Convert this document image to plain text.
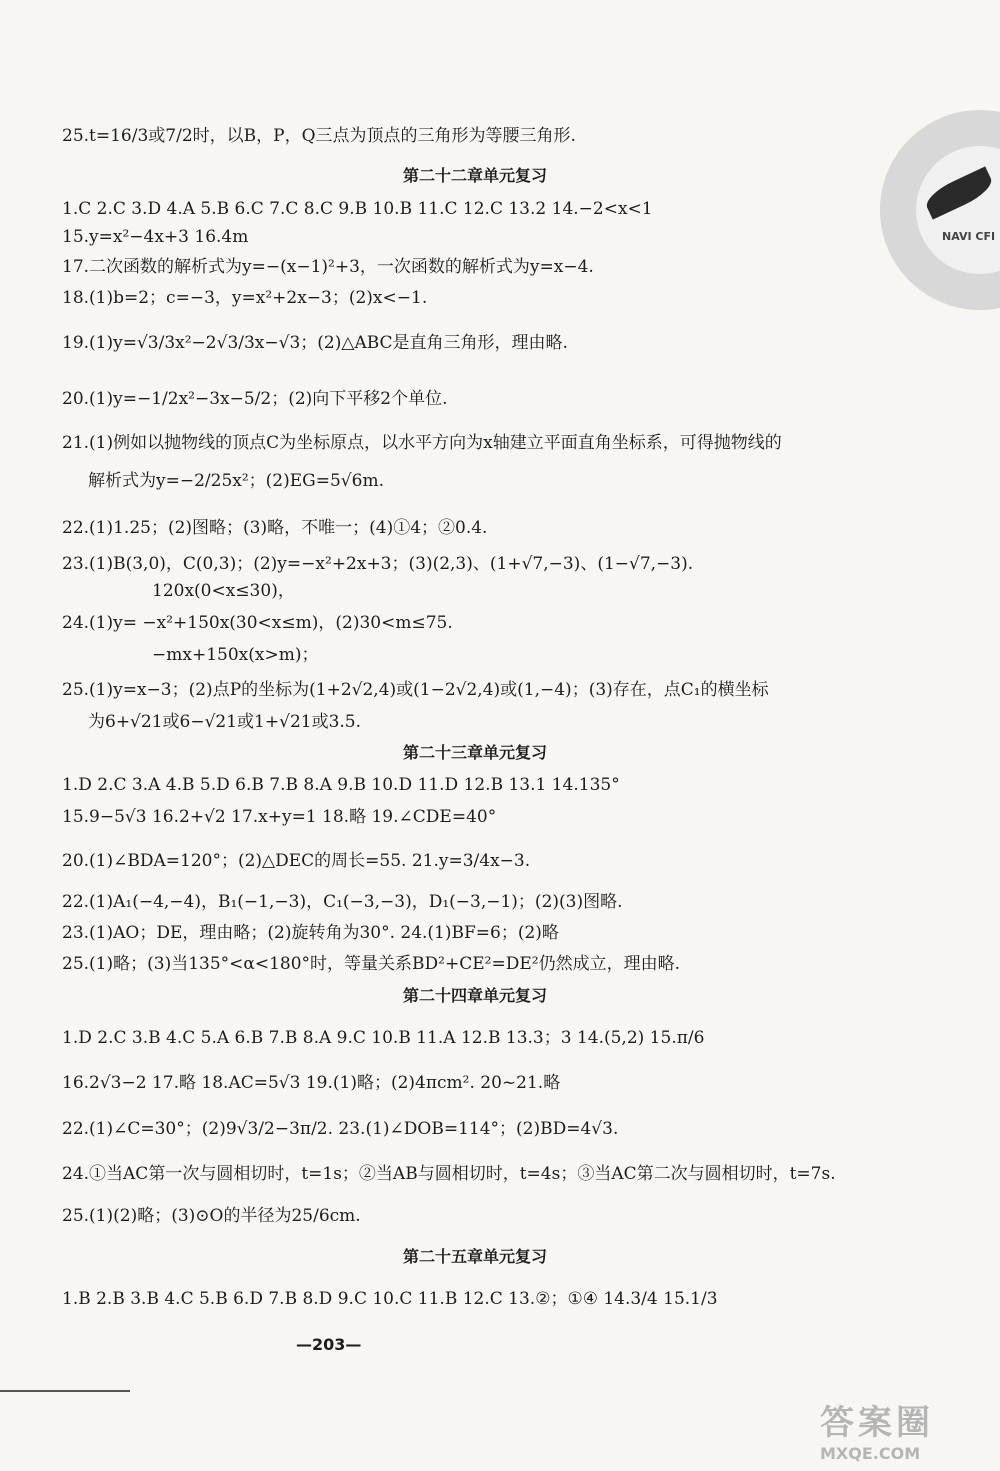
NAVI CFI
25.t=16/3或7/2时，以B，P，Q三点为顶点的三角形为等腰三角形.
第二十二章单元复习
1.C 2.C 3.D 4.A 5.B 6.C 7.C 8.C 9.B 10.B 11.C 12.C 13.2 14.−2<x<1
15.y=x²−4x+3 16.4m
17.二次函数的解析式为y=−(x−1)²+3，一次函数的解析式为y=x−4.
18.(1)b=2；c=−3，y=x²+2x−3；(2)x<−1.
19.(1)y=√3/3x²−2√3/3x−√3；(2)△ABC是直角三角形，理由略.
20.(1)y=−1/2x²−3x−5/2；(2)向下平移2个单位.
21.(1)例如以抛物线的顶点C为坐标原点，以水平方向为x轴建立平面直角坐标系，可得抛物线的
解析式为y=−2/25x²；(2)EG=5√6m.
22.(1)1.25；(2)图略；(3)略，不唯一；(4)①4；②0.4.
23.(1)B(3,0)，C(0,3)；(2)y=−x²+2x+3；(3)(2,3)、(1+√7,−3)、(1−√7,−3).
120x(0<x≤30)，
24.(1)y= −x²+150x(30<x≤m)，(2)30<m≤75.
−mx+150x(x>m)；
25.(1)y=x−3；(2)点P的坐标为(1+2√2,4)或(1−2√2,4)或(1,−4)；(3)存在，点C₁的横坐标
为6+√21或6−√21或1+√21或3.5.
第二十三章单元复习
1.D 2.C 3.A 4.B 5.D 6.B 7.B 8.A 9.B 10.D 11.D 12.B 13.1 14.135°
15.9−5√3 16.2+√2 17.x+y=1 18.略 19.∠CDE=40°
20.(1)∠BDA=120°；(2)△DEC的周长=55. 21.y=3/4x−3.
22.(1)A₁(−4,−4)，B₁(−1,−3)，C₁(−3,−3)，D₁(−3,−1)；(2)(3)图略.
23.(1)AO；DE，理由略；(2)旋转角为30°. 24.(1)BF=6；(2)略
25.(1)略；(3)当135°<α<180°时，等量关系BD²+CE²=DE²仍然成立，理由略.
第二十四章单元复习
1.D 2.C 3.B 4.C 5.A 6.B 7.B 8.A 9.C 10.B 11.A 12.B 13.3；3 14.(5,2) 15.π/6
16.2√3−2 17.略 18.AC=5√3 19.(1)略；(2)4πcm². 20~21.略
22.(1)∠C=30°；(2)9√3/2−3π/2. 23.(1)∠DOB=114°；(2)BD=4√3.
24.①当AC第一次与圆相切时，t=1s；②当AB与圆相切时，t=4s；③当AC第二次与圆相切时，t=7s.
25.(1)(2)略；(3)⊙O的半径为25/6cm.
第二十五章单元复习
1.B 2.B 3.B 4.C 5.B 6.D 7.B 8.D 9.C 10.C 11.B 12.C 13.②；①④ 14.3/4 15.1/3
—203—
答案圈
MXQE.COM
